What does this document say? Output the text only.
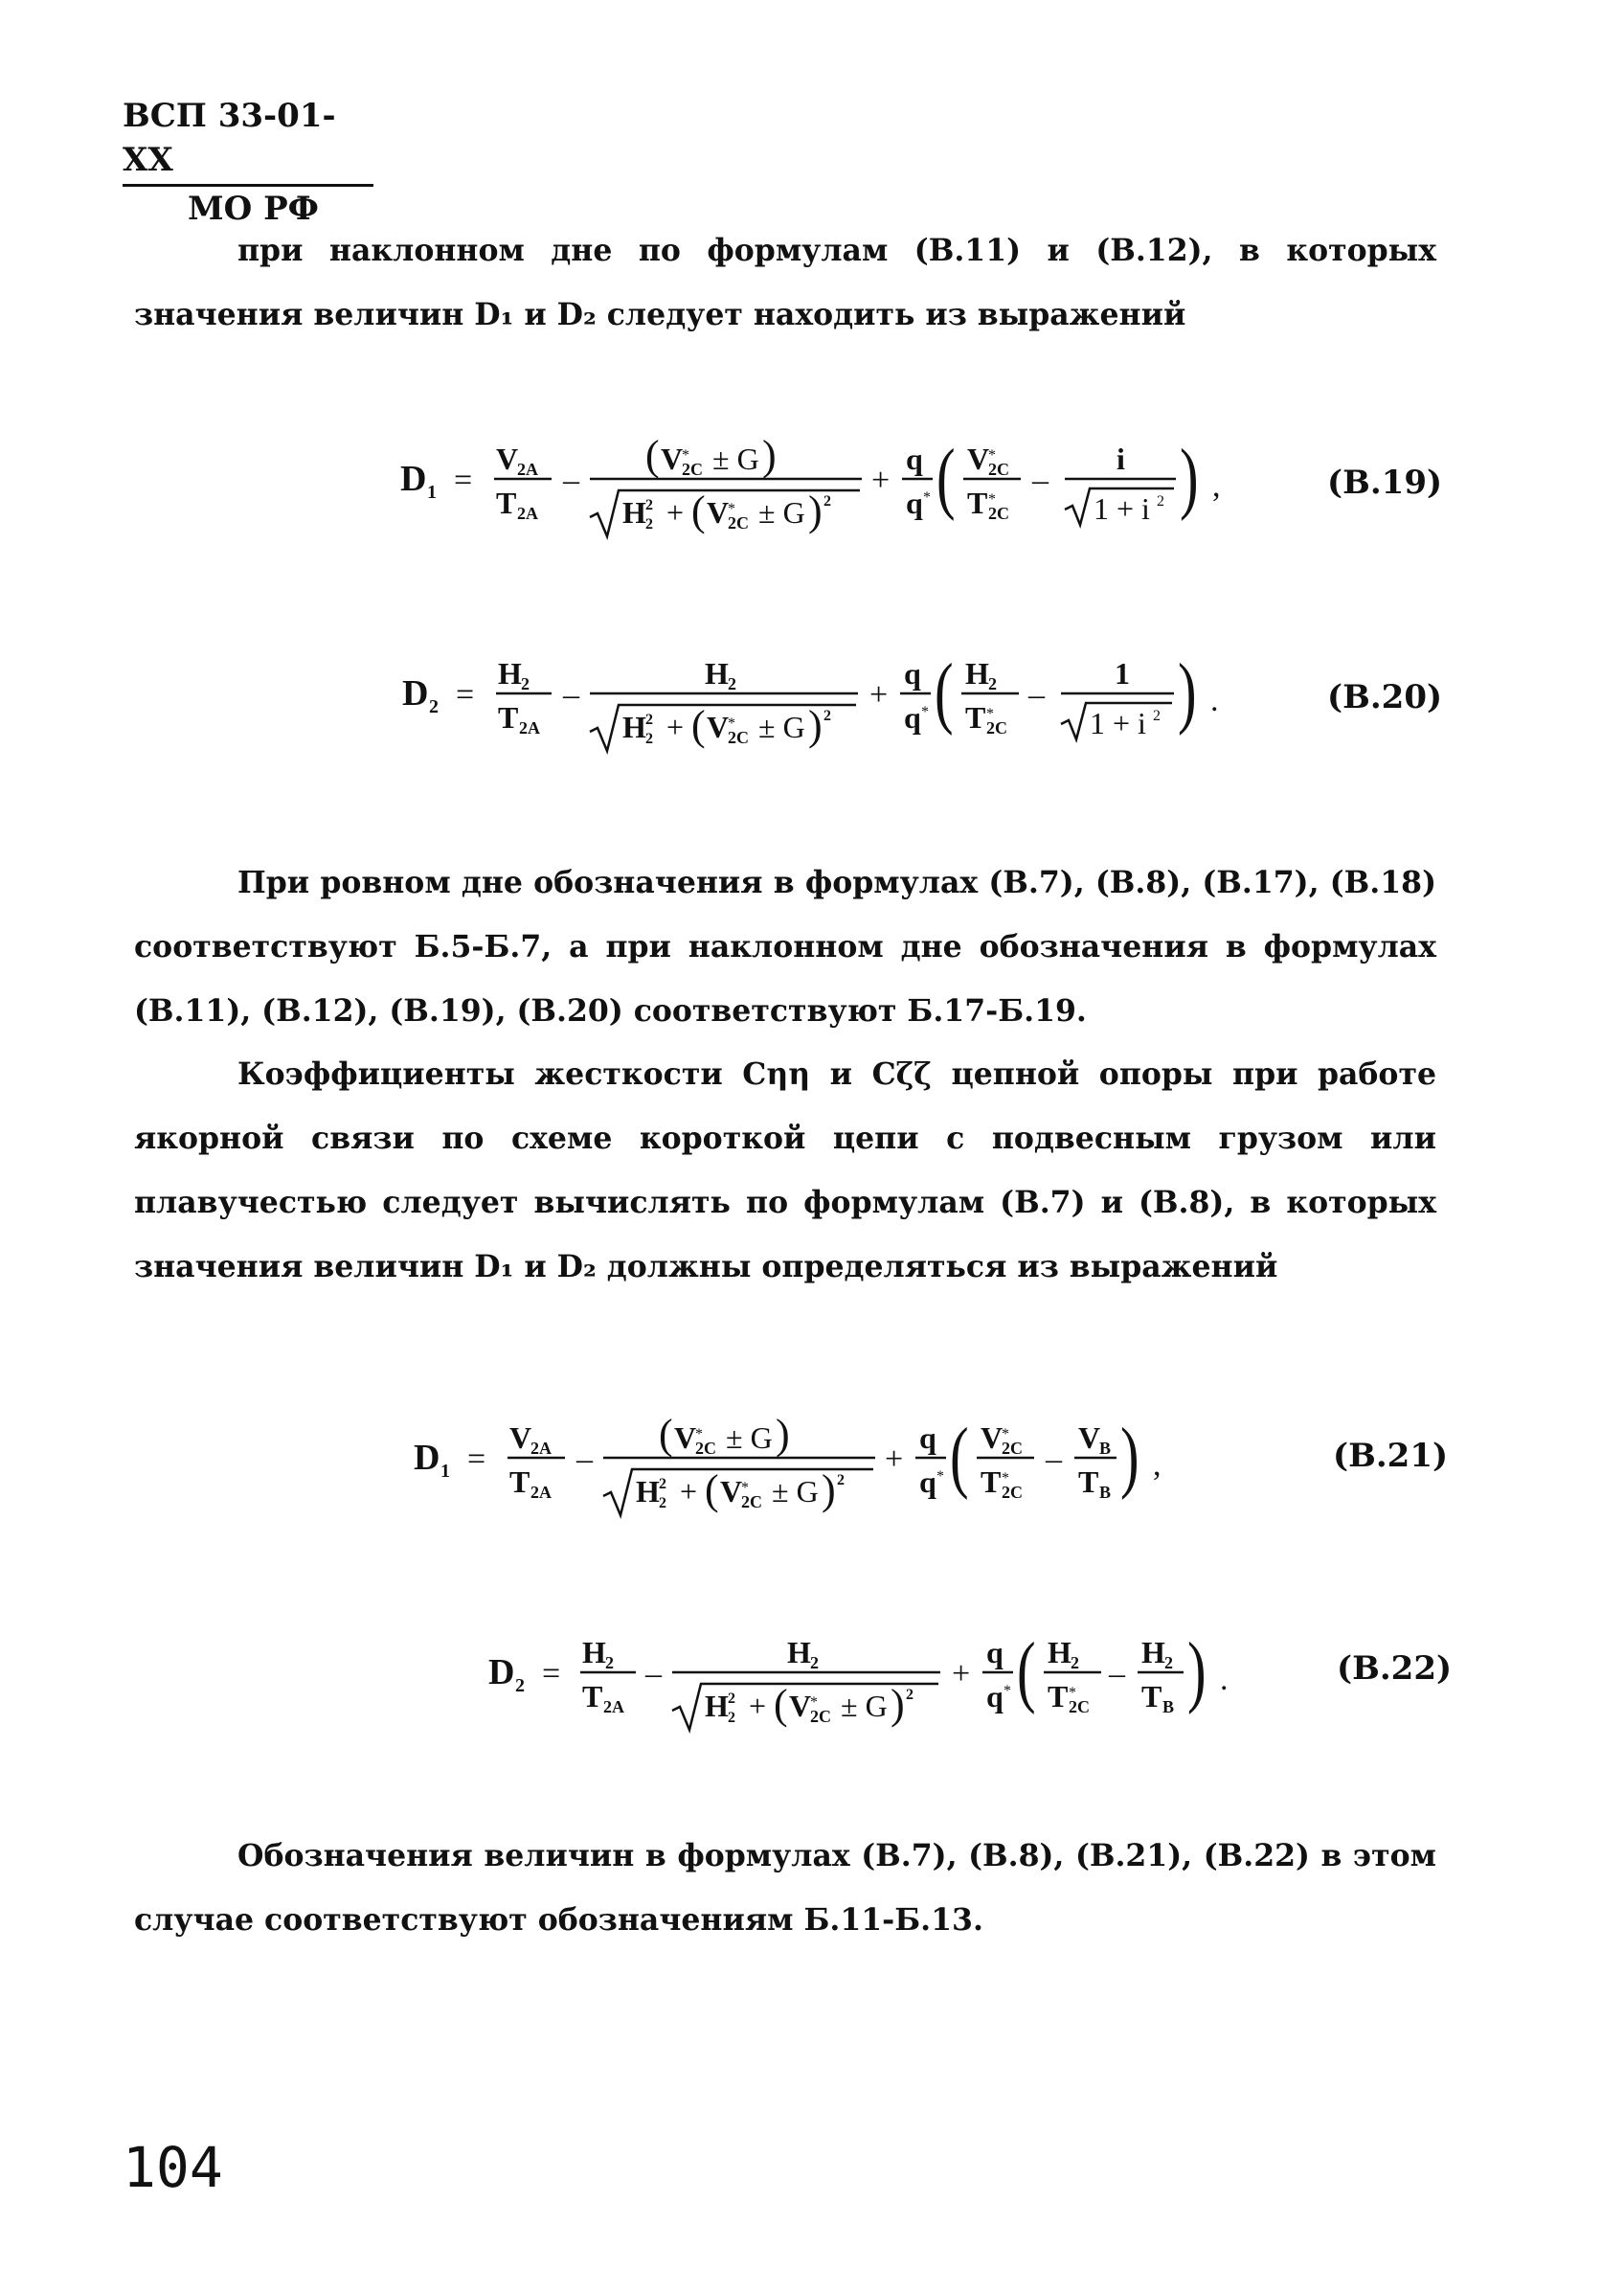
ВСП 33-01-ХХ
МО РФ
при наклонном дне по формулам (В.11) и (В.12), в которых значения величин D₁ и D₂ следует находить из выражений
D 1 =
V
2A
T 2A
–
( V
*
2C ± G )
H 2
2 + ( V
*
2C ± G ) 2
+
q
q * ( V
*
2C
T *
2C
–
i
1 + i 2 ) ,	(В.19)
D 2 =
H 2
T 2A
–
H 2
H 2
2 + ( V
*
2C ± G ) 2
+
q
q * ( H 2
T *
2C
–
1
1 + i 2 ) .	(В.20)
При ровном дне обозначения в формулах (В.7), (В.8), (В.17), (В.18) соответствуют Б.5-Б.7, а при наклонном дне обозначения в формулах (В.11), (В.12), (В.19), (В.20) соответствуют Б.17-Б.19.
Коэффициенты жесткости Cηη и Cζζ цепной опоры при работе якорной связи по схеме короткой цепи с подвесным грузом или плавучестью следует вычислять по формулам (В.7) и (В.8), в которых значения величин D₁ и D₂ должны определяться из выражений
D 1 =
V
2A
T 2A
–
( V
*
2C ± G )
H 2
2 + ( V
*
2C ± G ) 2
+
q
q * ( V
*
2C
T *
2C
–
V
B
T B ) ,	(В.21)
D 2 =
H 2
T 2A
–
H 2
H 2
2 + ( V
*
2C ± G ) 2
+
q
q * ( H 2
T *
2C
–
H 2
T B ) .	(В.22)
Обозначения величин в формулах (В.7), (В.8), (В.21), (В.22) в этом случае соответствуют обозначениям Б.11-Б.13.
104
